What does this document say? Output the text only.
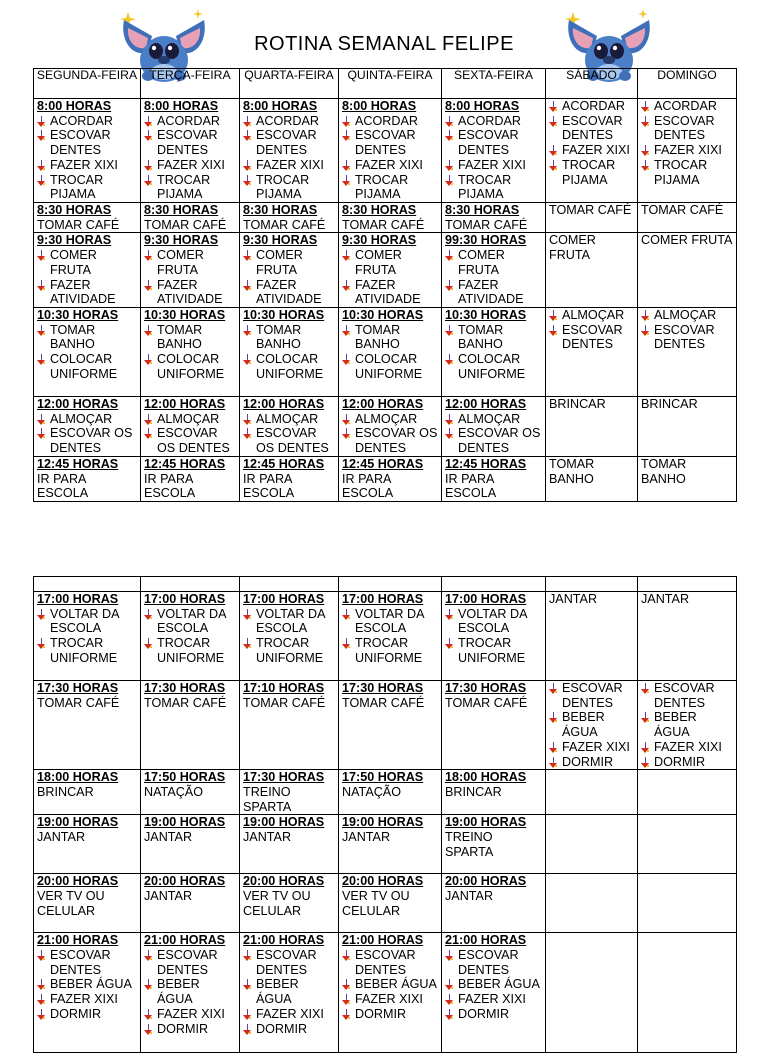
ROTINA SEMANAL FELIPE
SEGUNDA-FEIRA	TERÇA-FEIRA	QUARTA-FEIRA	QUINTA-FEIRA	SEXTA-FEIRA	SÁBADO	DOMINGO

8:00 HORAS
ACORDAR
ESCOVAR DENTES
FAZER XIXI
TROCAR PIJAMA	8:00 HORAS
ACORDAR
ESCOVAR DENTES
FAZER XIXI
TROCAR PIJAMA	8:00 HORAS
ACORDAR
ESCOVAR DENTES
FAZER XIXI
TROCAR PIJAMA	8:00 HORAS
ACORDAR
ESCOVAR DENTES
FAZER XIXI
TROCAR PIJAMA	8:00 HORAS
ACORDAR
ESCOVAR DENTES
FAZER XIXI
TROCAR PIJAMA	ACORDAR
ESCOVAR DENTES
FAZER XIXI
TROCAR PIJAMA	ACORDAR
ESCOVAR DENTES
FAZER XIXI
TROCAR PIJAMA

8:30 HORAS
TOMAR CAFÉ	8:30 HORAS
TOMAR CAFÉ	8:30 HORAS
TOMAR CAFÉ	8:30 HORAS
TOMAR CAFÉ	8:30 HORAS
TOMAR CAFÉ	TOMAR CAFÉ	TOMAR CAFÉ

9:30 HORAS
COMER FRUTA
FAZER ATIVIDADE	9:30 HORAS
COMER FRUTA
FAZER ATIVIDADE	9:30 HORAS
COMER FRUTA
FAZER ATIVIDADE	9:30 HORAS
COMER FRUTA
FAZER ATIVIDADE	99:30 HORAS
COMER FRUTA
FAZER ATIVIDADE	COMER FRUTA	COMER FRUTA

10:30 HORAS
TOMAR BANHO
COLOCAR UNIFORME	10:30 HORAS
TOMAR BANHO
COLOCAR UNIFORME	10:30 HORAS
TOMAR BANHO
COLOCAR UNIFORME	10:30 HORAS
TOMAR BANHO
COLOCAR UNIFORME	10:30 HORAS
TOMAR BANHO
COLOCAR UNIFORME	ALMOÇAR
ESCOVAR DENTES	ALMOÇAR
ESCOVAR DENTES

12:00 HORAS
ALMOÇAR
ESCOVAR OS DENTES	12:00 HORAS
ALMOÇAR
ESCOVAR OS DENTES	12:00 HORAS
ALMOÇAR
ESCOVAR OS DENTES	12:00 HORAS
ALMOÇAR
ESCOVAR OS DENTES	12:00 HORAS
ALMOÇAR
ESCOVAR OS DENTES	BRINCAR	BRINCAR

12:45 HORAS
IR PARA ESCOLA	12:45 HORAS
IR PARA ESCOLA	12:45 HORAS
IR PARA ESCOLA	12:45 HORAS
IR PARA ESCOLA	12:45 HORAS
IR PARA ESCOLA	TOMAR BANHO	TOMAR BANHO

17:00 HORAS
VOLTAR DA ESCOLA
TROCAR UNIFORME	17:00 HORAS
VOLTAR DA ESCOLA
TROCAR UNIFORME	17:00 HORAS
VOLTAR DA ESCOLA
TROCAR UNIFORME	17:00 HORAS
VOLTAR DA ESCOLA
TROCAR UNIFORME	17:00 HORAS
VOLTAR DA ESCOLA
TROCAR UNIFORME	JANTAR	JANTAR

17:30 HORAS
TOMAR CAFÉ	17:30 HORAS
TOMAR CAFÉ	17:10 HORAS
TOMAR CAFÉ	17:30 HORAS
TOMAR CAFÉ	17:30 HORAS
TOMAR CAFÉ	ESCOVAR DENTES
BEBER ÁGUA
FAZER XIXI
DORMIR	ESCOVAR DENTES
BEBER ÁGUA
FAZER XIXI
DORMIR

18:00 HORAS
BRINCAR	17:50 HORAS
NATAÇÃO	17:30 HORAS
TREINO SPARTA	17:50 HORAS
NATAÇÃO	18:00 HORAS
BRINCAR		

19:00 HORAS
JANTAR	19:00 HORAS
JANTAR	19:00 HORAS
JANTAR	19:00 HORAS
JANTAR	19:00 HORAS
TREINO SPARTA		

20:00 HORAS
VER TV OU CELULAR	20:00 HORAS
JANTAR	20:00 HORAS
VER TV OU CELULAR	20:00 HORAS
VER TV OU CELULAR	20:00 HORAS
JANTAR		

21:00 HORAS
ESCOVAR DENTES
BEBER ÁGUA
FAZER XIXI
DORMIR	21:00 HORAS
ESCOVAR DENTES
BEBER ÁGUA
FAZER XIXI
DORMIR	21:00 HORAS
ESCOVAR DENTES
BEBER ÁGUA
FAZER XIXI
DORMIR	21:00 HORAS
ESCOVAR DENTES
BEBER ÁGUA
FAZER XIXI
DORMIR	21:00 HORAS
ESCOVAR DENTES
BEBER ÁGUA
FAZER XIXI
DORMIR		
